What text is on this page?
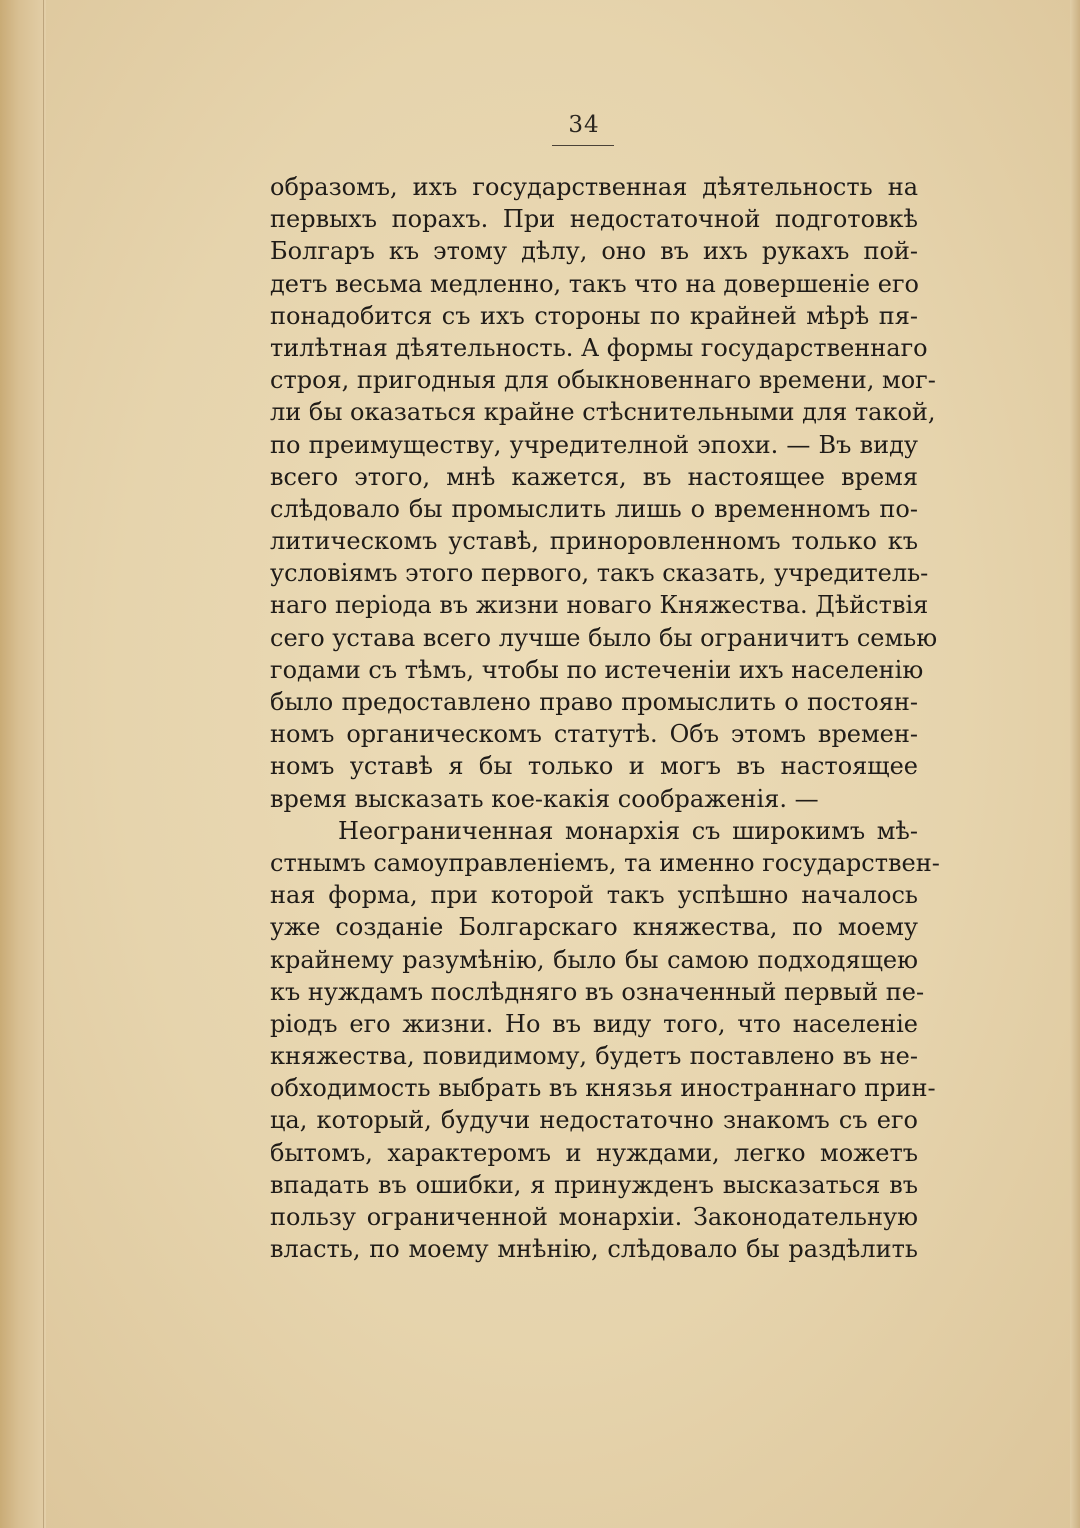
34
образомъ, ихъ государственная дѣятельность на
первыхъ порахъ. При недостаточной подготовкѣ
Болгаръ къ этому дѣлу, оно въ ихъ рукахъ пой-
детъ весьма медленно, такъ что на довершеніе его
понадобится съ ихъ стороны по крайней мѣрѣ пя-
тилѣтная дѣятельность. А формы государственнаго
строя, пригодныя для обыкновеннаго времени, мог-
ли бы оказаться крайне стѣснительными для такой,
по преимуществу, учредителной эпохи. — Въ виду
всего этого, мнѣ кажется, въ настоящее время
слѣдовало бы промыслить лишь о временномъ по-
литическомъ уставѣ, приноровленномъ только къ
условіямъ этого первого, такъ сказать, учредитель-
наго періода въ жизни новаго Княжества. Дѣйствія
сего устава всего лучше было бы ограничитъ семью
годами съ тѣмъ, чтобы по истеченіи ихъ населенію
было предоставлено право промыслить о постоян-
номъ органическомъ статутѣ. Объ этомъ времен-
номъ уставѣ я бы только и могъ въ настоящее
время высказать кое-какія соображенія. —
Неограниченная монархія съ широкимъ мѣ-
стнымъ самоуправленіемъ, та именно государствен-
ная форма, при которой такъ успѣшно началось
уже созданіе Болгарскаго княжества, по моему
крайнему разумѣнію, было бы самою подходящею
къ нуждамъ послѣдняго въ означенный первый пе-
ріодъ его жизни. Но въ виду того, что населеніе
княжества, повидимому, будетъ поставлено въ не-
обходимость выбрать въ князья иностраннаго прин-
ца, который, будучи недостаточно знакомъ съ его
бытомъ, характеромъ и нуждами, легко можетъ
впадать въ ошибки, я принужденъ высказаться въ
пользу ограниченной монархіи. Законодательную
власть, по моему мнѣнію, слѣдовало бы раздѣлить
